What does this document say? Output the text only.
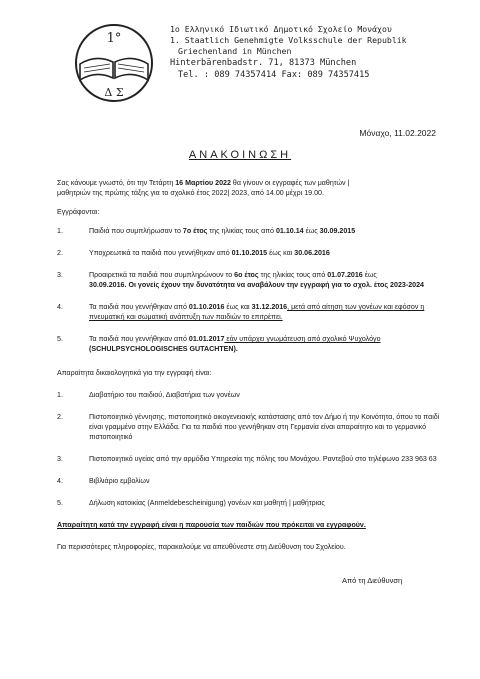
1°
Δ Σ
1ο Ελληνικό Ιδιωτικό Δημοτικό Σχολείο Μονάχου
1. Staatlich Genehmigte Volksschule der Republik
Griechenland in München
Hinterbärenbadstr. 71, 81373 München
Tel. : 089 74357414 Fax: 089 74357415
Μόναχο, 11.02.2022
ΑΝΑΚΟΙΝΩΣΗ

Σας κάνουμε γνωστό, ότι την Τετάρτη 16 Μαρτίου 2022 θα γίνουν οι εγγραφές των μαθητών |
μαθητριών της πρώτης τάξης για το σχολικό έτος 2022| 2023, από 14.00 μέχρι 19.00.

Εγγράφονται:

1.	Παιδιά που συμπλήρωσαν το 7ο έτος της ηλικίας τους από 01.10.14 έως 30.09.2015
2.	Υποχρεωτικά τα παιδιά που γεννήθηκαν από 01.10.2015 έως και 30.06.2016
3.	Προαιρετικά τα παιδιά που συμπληρώνουν το 6ο έτος της ηλικίας τους από 01.07.2016 έως
30.09.2016. Οι γονείς έχουν την δυνατότητα να αναβάλουν την εγγραφή για το σχολ. έτος 2023-2024
4.	Τα παιδιά που γεννήθηκαν από 01.10.2016 έως και 31.12.2016, μετά από αίτηση των γονέων και εφόσον η πνευματική και σωματική ανάπτυξη των παιδιών το επιτρέπει.
5.	Τα παιδιά που γεννήθηκαν από 01.01.2017 εάν υπάρχει γνωμάτευση από σχολικό Ψυχολόγο
(SCHULPSYCHOLOGISCHES GUTACHTEN).

Απαραίτητα δικαιολογητικά για την εγγραφή είναι:

1.	Διαβατήριο του παιδιού, Διαβατήρια των γονέων
2.	Πιστοποιητικό γέννησης, πιστοποιητικό οικογενειακής κατάστασης από τον Δήμο ή την Κοινότητα, όπου το παιδί είναι γραμμένο στην Ελλάδα. Για τα παιδιά που γεννήθηκαν στη Γερμανία είναι απαραίτητο και το γερμανικό πιστοποιητικό
3.	Πιστοποιητικό υγείας από την αρμόδια Υπηρεσία της πόλης του Μονάχου. Ραντεβού στο τηλέφωνο 233 963 63
4.	Βιβλιάριο εμβολίων
5.	Δήλωση κατοικίας (Anmeldebescheinigung) γονέων και μαθητή | μαθήτριας

Απαραίτητη κατά την εγγραφή είναι η παρουσία των παιδιών που πρόκειται να εγγραφούν.

Για περισσότερες πληροφορίες, παρακαλούμε να απευθύνεστε στη Διεύθυνση του Σχολείου.

Από τη Διεύθυνση
